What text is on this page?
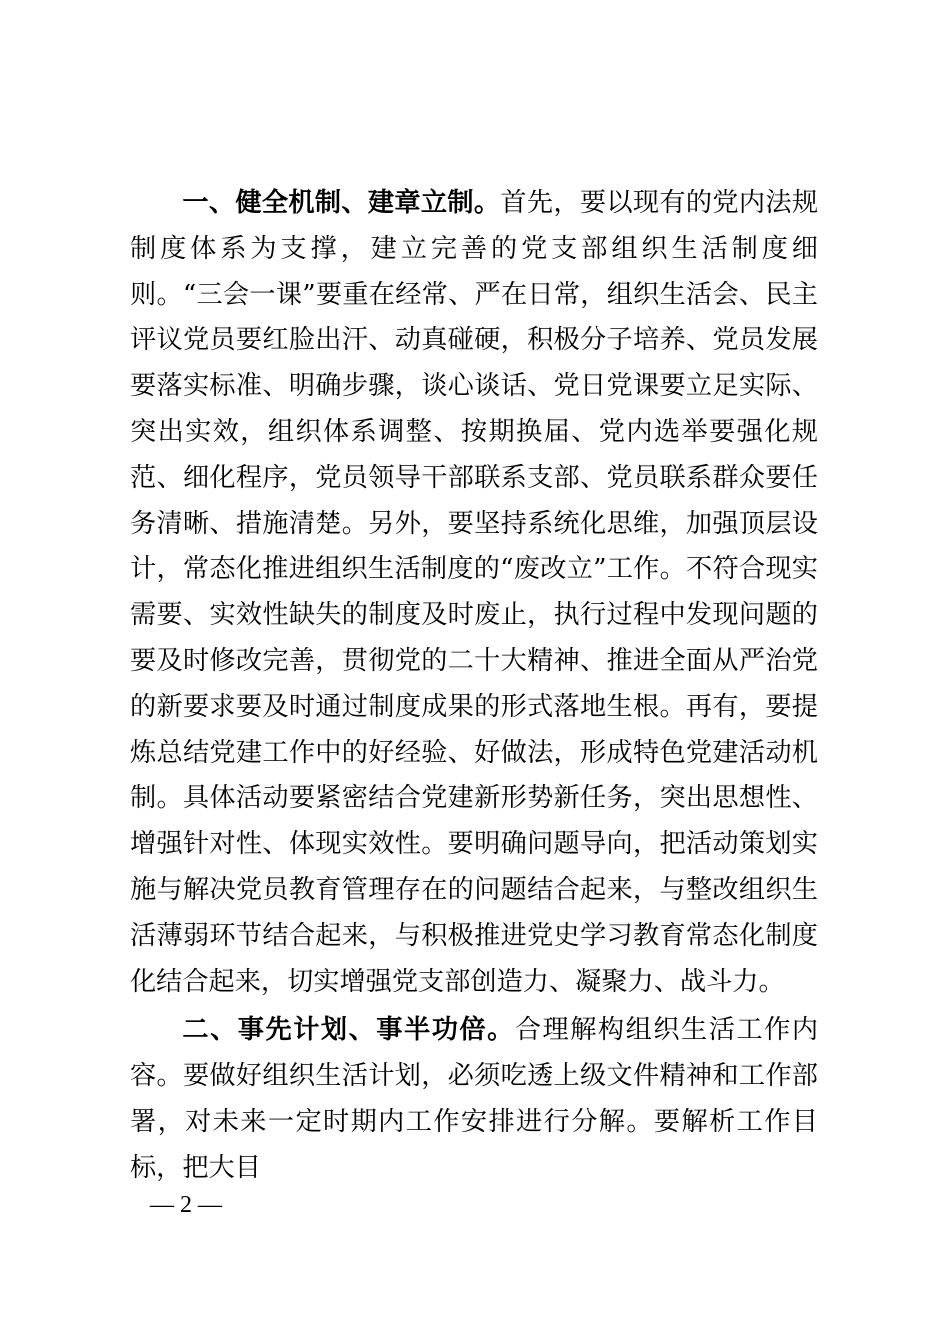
一、健全机制、建章立制。首先，要以现有的党内法规制度体系为支撑，建立完善的党支部组织生活制度细则。“三会一课”要重在经常、严在日常，组织生活会、民主评议党员要红脸出汗、动真碰硬，积极分子培养、党员发展要落实标准、明确步骤，谈心谈话、党日党课要立足实际、突出实效，组织体系调整、按期换届、党内选举要强化规范、细化程序，党员领导干部联系支部、党员联系群众要任务清晰、措施清楚。另外，要坚持系统化思维，加强顶层设计，常态化推进组织生活制度的“废改立”工作。不符合现实需要、实效性缺失的制度及时废止，执行过程中发现问题的要及时修改完善，贯彻党的二十大精神、推进全面从严治党的新要求要及时通过制度成果的形式落地生根。再有，要提炼总结党建工作中的好经验、好做法，形成特色党建活动机制。具体活动要紧密结合党建新形势新任务，突出思想性、增强针对性、体现实效性。要明确问题导向，把活动策划实施与解决党员教育管理存在的问题结合起来，与整改组织生活薄弱环节结合起来，与积极推进党史学习教育常态化制度化结合起来，切实增强党支部创造力、凝聚力、战斗力。

二、事先计划、事半功倍。合理解构组织生活工作内容。要做好组织生活计划，必须吃透上级文件精神和工作部署，对未来一定时期内工作安排进行分解。要解析工作目标，把大目

— 2 —
